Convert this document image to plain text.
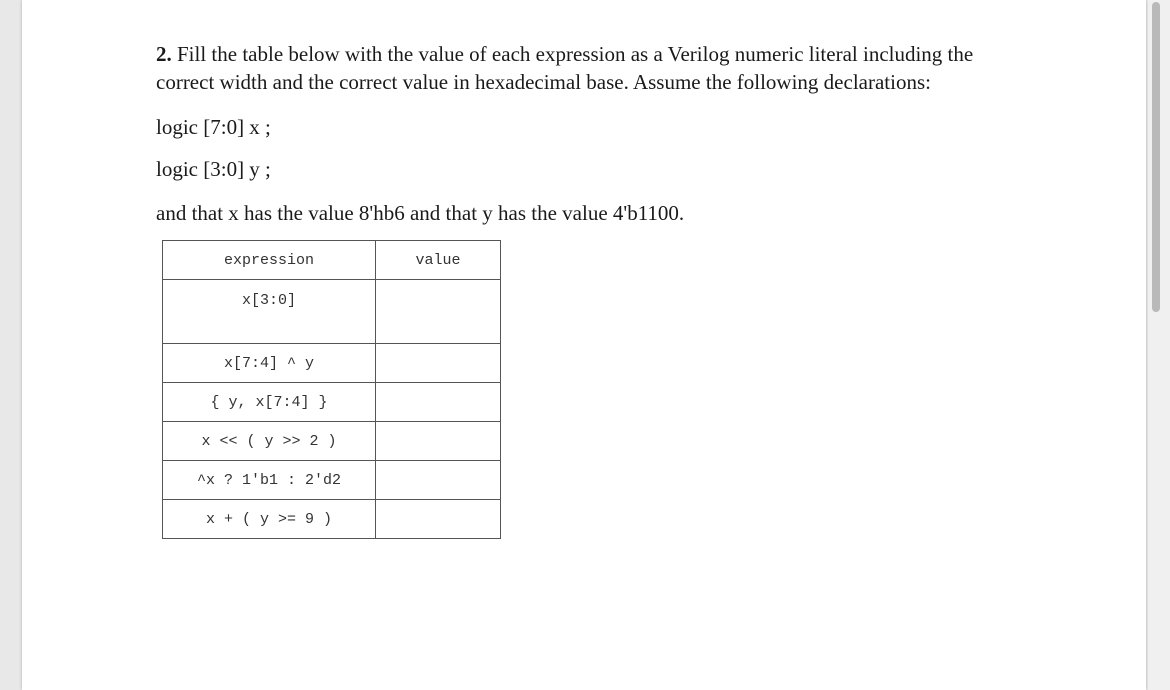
2. Fill the table below with the value of each expression as a Verilog numeric literal including the correct width and the correct value in hexadecimal base. Assume the following declarations:

logic [7:0] x ;

logic [3:0] y ;

and that x has the value 8'hb6 and that y has the value 4'b1100.

expression	value
x[3:0]	
x[7:4] ^ y	
{ y, x[7:4] }	
x << ( y >> 2 )	
^x ? 1'b1 : 2'd2	
x + ( y >= 9 )	
